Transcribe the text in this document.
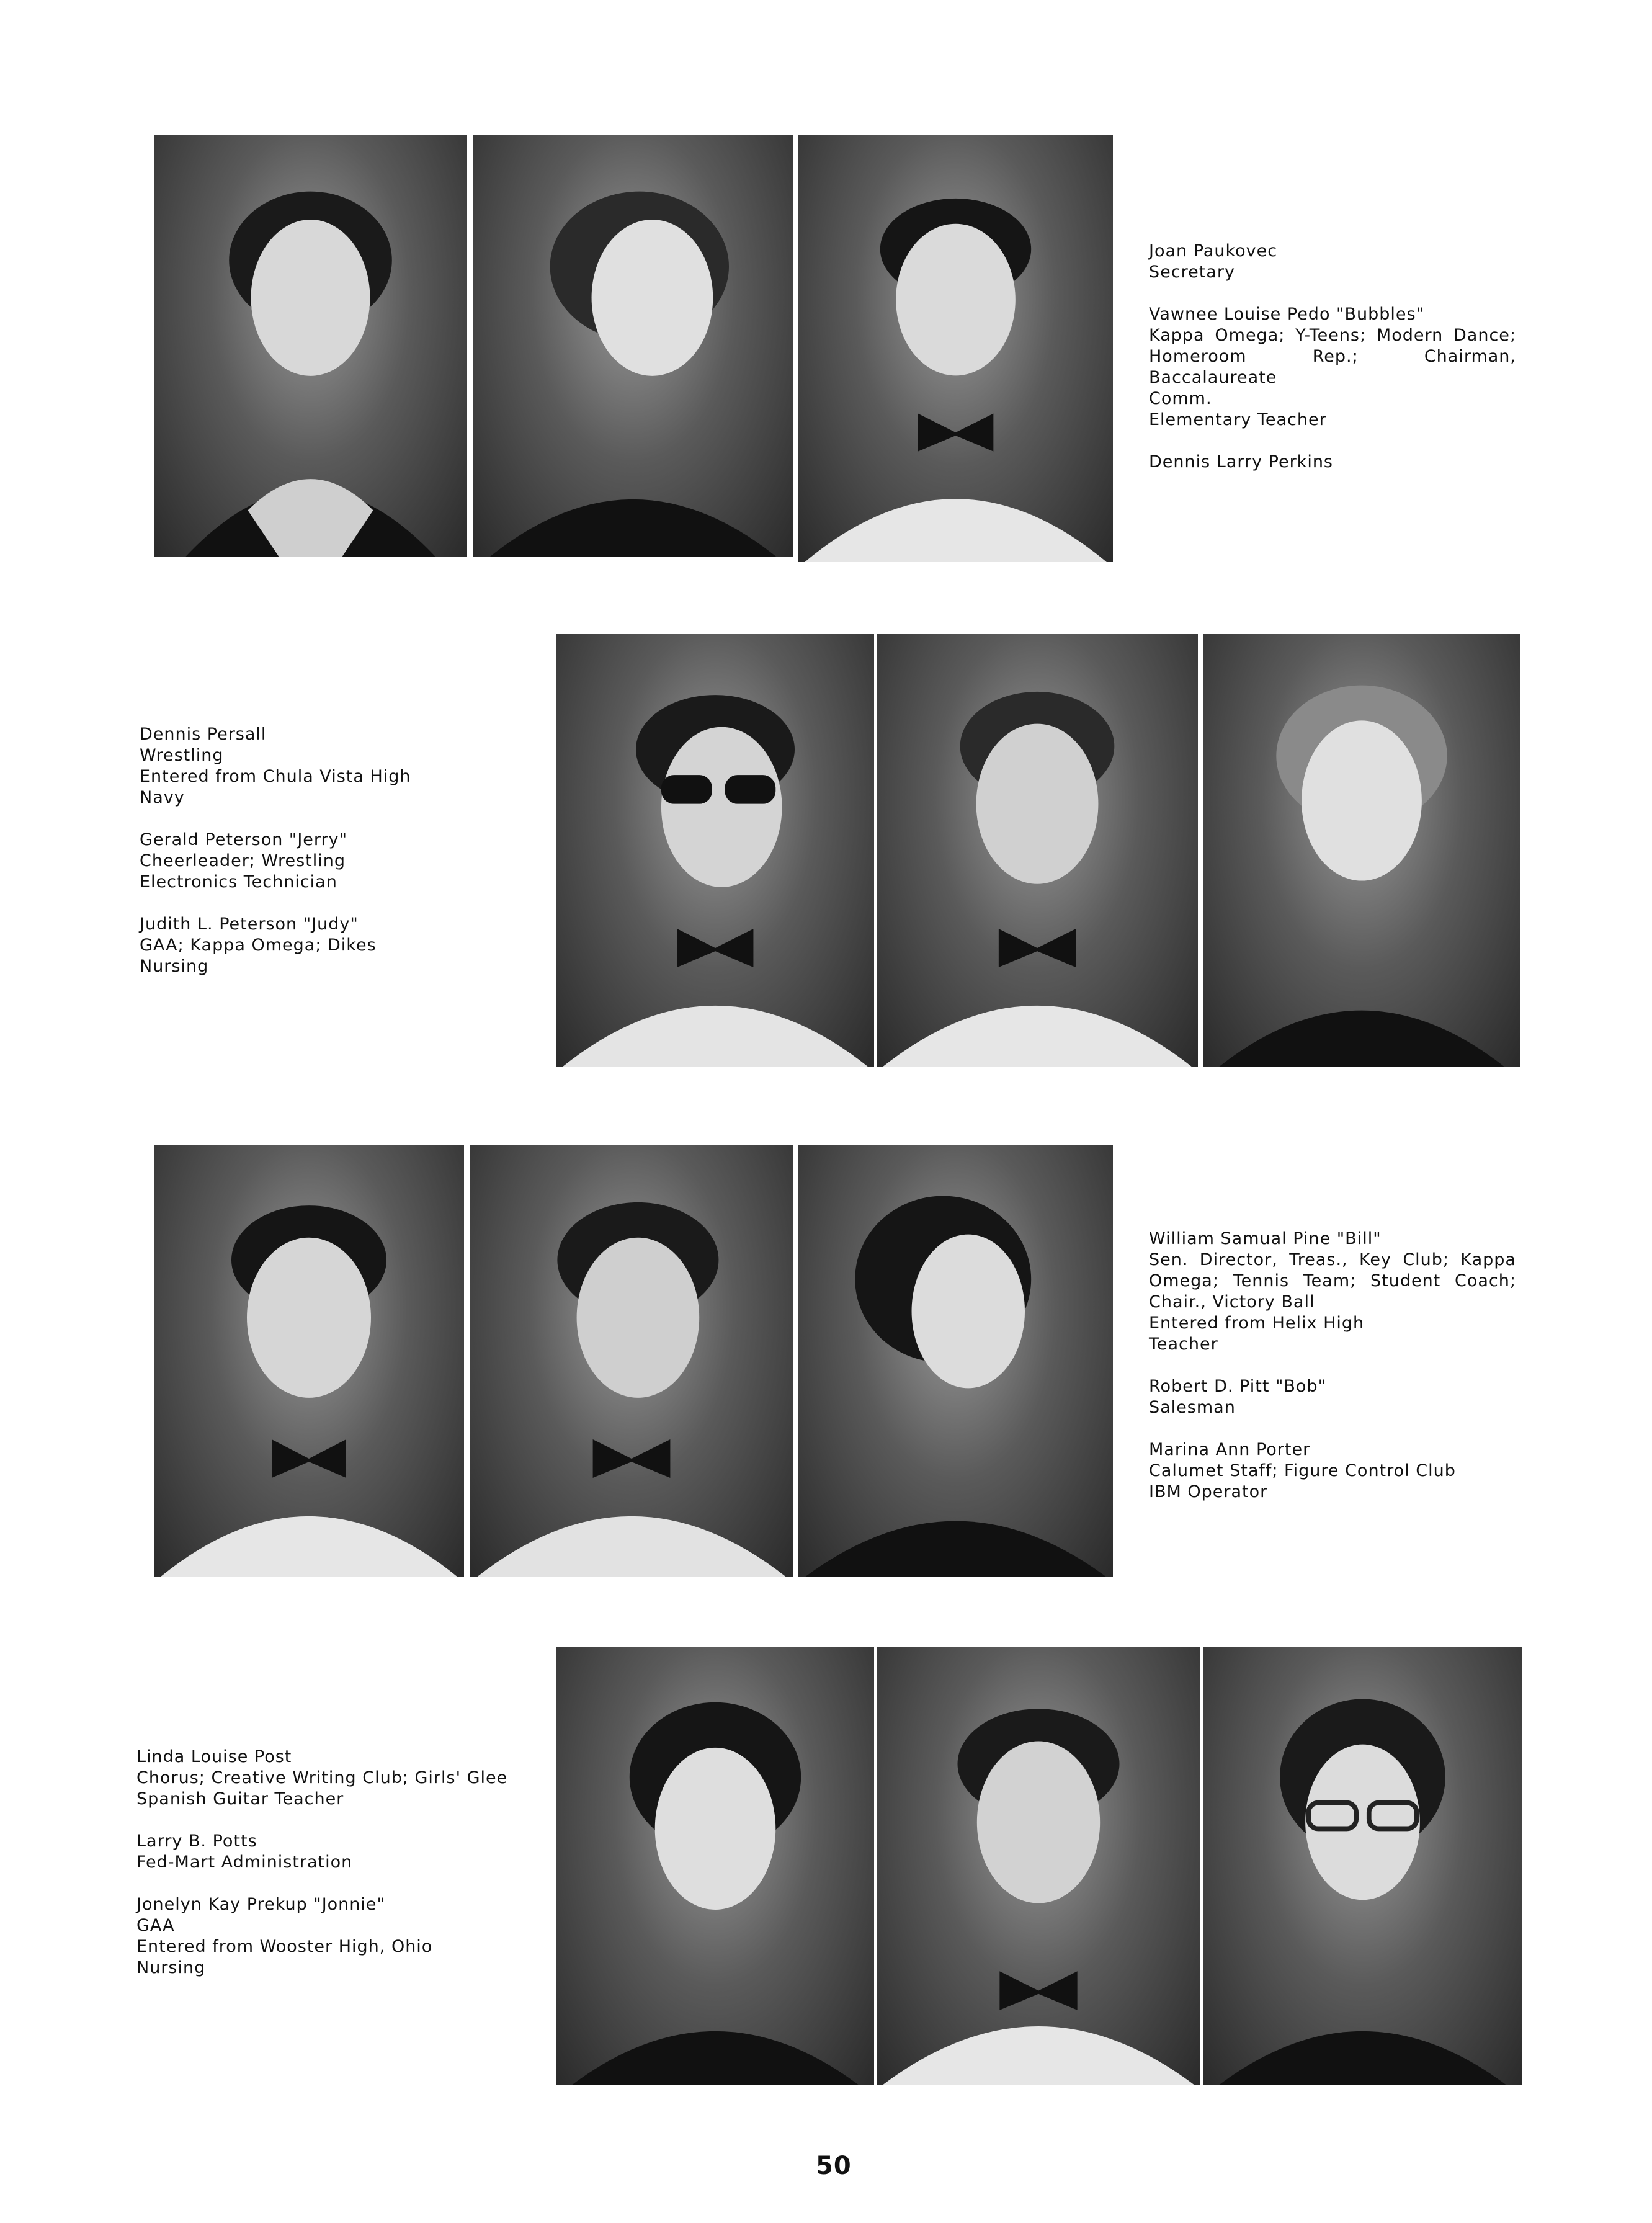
Joan Paukovec
Secretary
Vawnee Louise Pedo "Bubbles"
Kappa Omega; Y-Teens; Modern Dance;
Homeroom Rep.; Chairman, Baccalaureate
Comm.
Elementary Teacher
Dennis Larry Perkins
Dennis Persall
Wrestling
Entered from Chula Vista High
Navy
Gerald Peterson "Jerry"
Cheerleader; Wrestling
Electronics Technician
Judith L. Peterson "Judy"
GAA; Kappa Omega; Dikes
Nursing
William Samual Pine "Bill"
Sen. Director, Treas., Key Club; Kappa
Omega; Tennis Team; Student Coach;
Chair., Victory Ball
Entered from Helix High
Teacher
Robert D. Pitt "Bob"
Salesman
Marina Ann Porter
Calumet Staff; Figure Control Club
IBM Operator
Linda Louise Post
Chorus; Creative Writing Club; Girls' Glee
Spanish Guitar Teacher
Larry B. Potts
Fed-Mart Administration
Jonelyn Kay Prekup "Jonnie"
GAA
Entered from Wooster High, Ohio
Nursing
50
